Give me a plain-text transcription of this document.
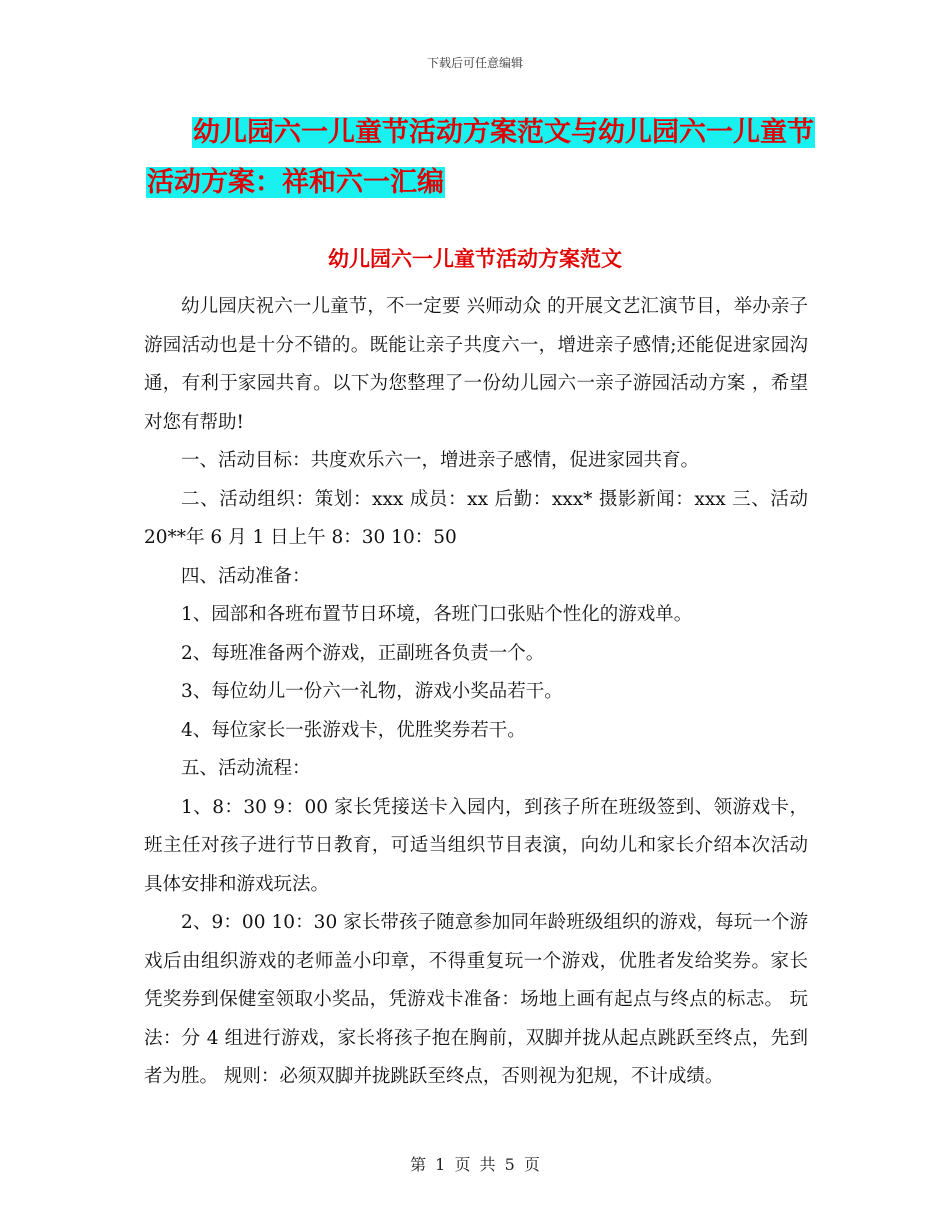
下载后可任意编辑
幼儿园六一儿童节活动方案范文与幼儿园六一儿童节
活动方案：祥和六一汇编
幼儿园六一儿童节活动方案范文

幼儿园庆祝六一儿童节，不一定要 兴师动众 的开展文艺汇演节目，举办亲子游园活动也是十分不错的。既能让亲子共度六一，增进亲子感情;还能促进家园沟通，有利于家园共育。以下为您整理了一份幼儿园六一亲子游园活动方案 ，希望对您有帮助!

一、活动目标：共度欢乐六一，增进亲子感情，促进家园共育。

二、活动组织：策划：xxx 成员：xx 后勤：xxx* 摄影新闻：xxx 三、活动 20**年 6 月 1 日上午 8：30 10：50

四、活动准备：

1、园部和各班布置节日环境，各班门口张贴个性化的游戏单。

2、每班准备两个游戏，正副班各负责一个。

3、每位幼儿一份六一礼物，游戏小奖品若干。

4、每位家长一张游戏卡，优胜奖券若干。

五、活动流程：

1、8：30 9：00 家长凭接送卡入园内，到孩子所在班级签到、领游戏卡，班主任对孩子进行节日教育，可适当组织节目表演，向幼儿和家长介绍本次活动具体安排和游戏玩法。

2、9：00 10：30 家长带孩子随意参加同年龄班级组织的游戏，每玩一个游戏后由组织游戏的老师盖小印章，不得重复玩一个游戏，优胜者发给奖券。家长凭奖券到保健室领取小奖品，凭游戏卡准备：场地上画有起点与终点的标志。 玩法：分 4 组进行游戏，家长将孩子抱在胸前，双脚并拢从起点跳跃至终点，先到者为胜。 规则：必须双脚并拢跳跃至终点，否则视为犯规，不计成绩。

第 1 页 共 5 页
